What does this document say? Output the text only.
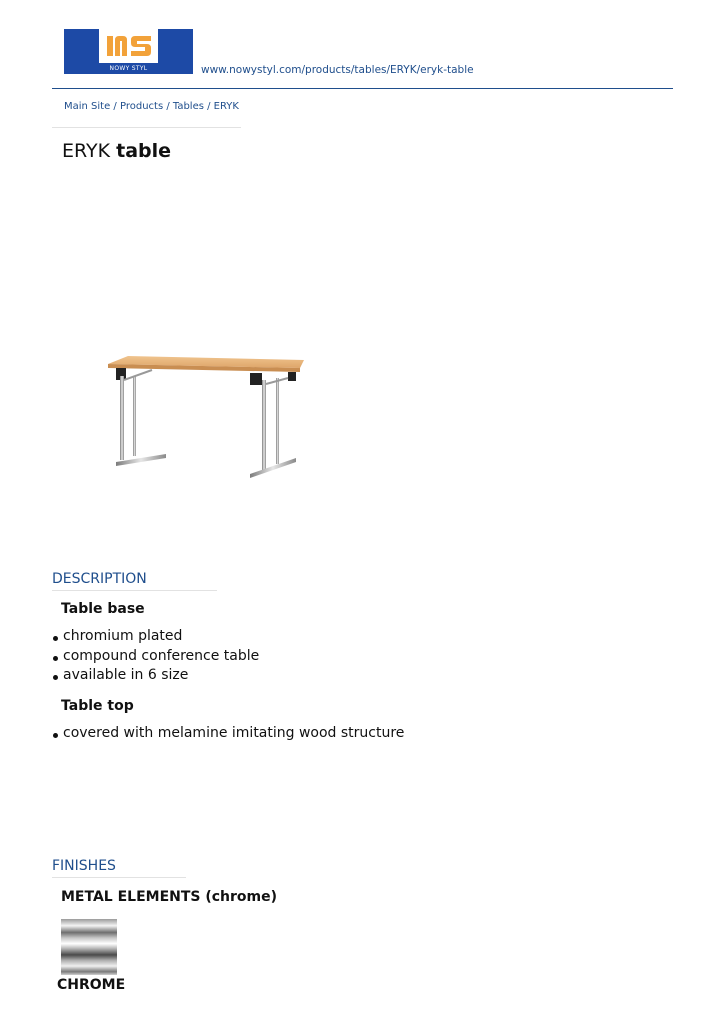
NOWY STYL	www.nowystyl.com/products/tables/ERYK/eryk-table
Main Site / Products / Tables / ERYK
ERYK table
DESCRIPTION
Table base
chromium plated
compound conference table
available in 6 size
Table top
covered with melamine imitating wood structure
FINISHES
METAL ELEMENTS (chrome)
CHROME
